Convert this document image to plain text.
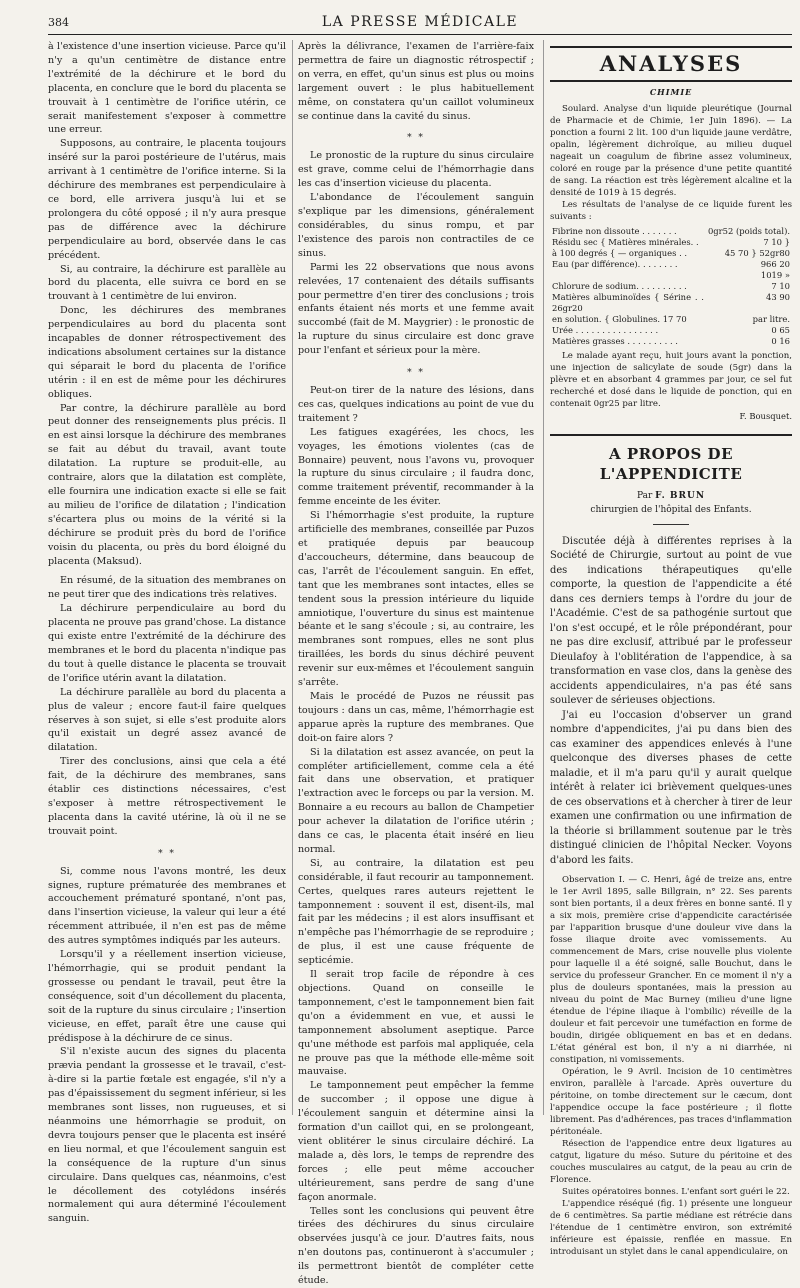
384	LA PRESSE MÉDICALE

à l'existence d'une insertion vicieuse. Parce qu'il n'y a qu'un centimètre de distance entre l'extrémité de la déchirure et le bord du placenta, en conclure que le bord du placenta se trouvait à 1 centimètre de l'orifice utérin, ce serait manifestement s'exposer à commettre une erreur.

Supposons, au contraire, le placenta toujours inséré sur la paroi postérieure de l'utérus, mais arrivant à 1 centimètre de l'orifice interne. Si la déchirure des membranes est perpendiculaire à ce bord, elle arrivera jusqu'à lui et se prolongera du côté opposé ; il n'y aura presque pas de différence avec la déchirure perpendiculaire au bord, observée dans le cas précédent.

Si, au contraire, la déchirure est parallèle au bord du placenta, elle suivra ce bord en se trouvant à 1 centimètre de lui environ.

Donc, les déchirures des membranes perpendiculaires au bord du placenta sont incapables de donner rétrospectivement des indications absolument certaines sur la distance qui séparait le bord du placenta de l'orifice utérin : il en est de même pour les déchirures obliques.

Par contre, la déchirure parallèle au bord peut donner des renseignements plus précis. Il en est ainsi lorsque la déchirure des membranes se fait au début du travail, avant toute dilatation. La rupture se produit-elle, au contraire, alors que la dilatation est complète, elle fournira une indication exacte si elle se fait au milieu de l'orifice de dilatation ; l'indication s'écartera plus ou moins de la vérité si la déchirure se produit près du bord de l'orifice voisin du placenta, ou près du bord éloigné du placenta (Maksud).

En résumé, de la situation des membranes on ne peut tirer que des indications très relatives.

La déchirure perpendiculaire au bord du placenta ne prouve pas grand'chose. La distance qui existe entre l'extrémité de la déchirure des membranes et le bord du placenta n'indique pas du tout à quelle distance le placenta se trouvait de l'orifice utérin avant la dilatation.

La déchirure parallèle au bord du placenta a plus de valeur ; encore faut-il faire quelques réserves à son sujet, si elle s'est produite alors qu'il existait un degré assez avancé de dilatation.

Tirer des conclusions, ainsi que cela a été fait, de la déchirure des membranes, sans établir ces distinctions nécessaires, c'est s'exposer à mettre rétrospectivement le placenta dans la cavité utérine, là où il ne se trouvait point.

* *

Si, comme nous l'avons montré, les deux signes, rupture prématurée des membranes et accouchement prématuré spontané, n'ont pas, dans l'insertion vicieuse, la valeur qui leur a été récemment attribuée, il n'en est pas de même des autres symptômes indiqués par les auteurs.

Lorsqu'il y a réellement insertion vicieuse, l'hémorrhagie, qui se produit pendant la grossesse ou pendant le travail, peut être la conséquence, soit d'un décollement du placenta, soit de la rupture du sinus circulaire ; l'insertion vicieuse, en effet, paraît être une cause qui prédispose à la déchirure de ce sinus.

S'il n'existe aucun des signes du placenta prævia pendant la grossesse et le travail, c'est-à-dire si la partie fœtale est engagée, s'il n'y a pas d'épaississement du segment inférieur, si les membranes sont lisses, non rugueuses, et si néanmoins une hémorrhagie se produit, on devra toujours penser que le placenta est inséré en lieu normal, et que l'écoulement sanguin est la conséquence de la rupture d'un sinus circulaire. Dans quelques cas, néanmoins, c'est le décollement des cotylédons insérés normalement qui aura déterminé l'écoulement sanguin.

Après la délivrance, l'examen de l'arrière-faix permettra de faire un diagnostic rétrospectif ; on verra, en effet, qu'un sinus est plus ou moins largement ouvert : le plus habituellement même, on constatera qu'un caillot volumineux se continue dans la cavité du sinus.

* *

Le pronostic de la rupture du sinus circulaire est grave, comme celui de l'hémorrhagie dans les cas d'insertion vicieuse du placenta.

L'abondance de l'écoulement sanguin s'explique par les dimensions, généralement considérables, du sinus rompu, et par l'existence des parois non contractiles de ce sinus.

Parmi les 22 observations que nous avons relevées, 17 contenaient des détails suffisants pour permettre d'en tirer des conclusions ; trois enfants étaient nés morts et une femme avait succombé (fait de M. Maygrier) : le pronostic de la rupture du sinus circulaire est donc grave pour l'enfant et sérieux pour la mère.

* *

Peut-on tirer de la nature des lésions, dans ces cas, quelques indications au point de vue du traitement ?

Les fatigues exagérées, les chocs, les voyages, les émotions violentes (cas de Bonnaire) peuvent, nous l'avons vu, provoquer la rupture du sinus circulaire ; il faudra donc, comme traitement préventif, recommander à la femme enceinte de les éviter.

Si l'hémorrhagie s'est produite, la rupture artificielle des membranes, conseillée par Puzos et pratiquée depuis par beaucoup d'accoucheurs, détermine, dans beaucoup de cas, l'arrêt de l'écoulement sanguin. En effet, tant que les membranes sont intactes, elles se tendent sous la pression intérieure du liquide amniotique, l'ouverture du sinus est maintenue béante et le sang s'écoule ; si, au contraire, les membranes sont rompues, elles ne sont plus tiraillées, les bords du sinus déchiré peuvent revenir sur eux-mêmes et l'écoulement sanguin s'arrête.

Mais le procédé de Puzos ne réussit pas toujours : dans un cas, même, l'hémorrhagie est apparue après la rupture des membranes. Que doit-on faire alors ?

Si la dilatation est assez avancée, on peut la compléter artificiellement, comme cela a été fait dans une observation, et pratiquer l'extraction avec le forceps ou par la version. M. Bonnaire a eu recours au ballon de Champetier pour achever la dilatation de l'orifice utérin ; dans ce cas, le placenta était inséré en lieu normal.

Si, au contraire, la dilatation est peu considérable, il faut recourir au tamponnement. Certes, quelques rares auteurs rejettent le tamponnement : souvent il est, disent-ils, mal fait par les médecins ; il est alors insuffisant et n'empêche pas l'hémorrhagie de se reproduire ; de plus, il est une cause fréquente de septicémie.

Il serait trop facile de répondre à ces objections. Quand on conseille le tamponnement, c'est le tamponnement bien fait qu'on a évidemment en vue, et aussi le tamponnement absolument aseptique. Parce qu'une méthode est parfois mal appliquée, cela ne prouve pas que la méthode elle-même soit mauvaise.

Le tamponnement peut empêcher la femme de succomber ; il oppose une digue à l'écoulement sanguin et détermine ainsi la formation d'un caillot qui, en se prolongeant, vient oblitérer le sinus circulaire déchiré. La malade a, dès lors, le temps de reprendre des forces ; elle peut même accoucher ultérieurement, sans perdre de sang d'une façon anormale.

Telles sont les conclusions qui peuvent être tirées des déchirures du sinus circulaire observées jusqu'à ce jour. D'autres faits, nous n'en doutons pas, continueront à s'accumuler ; ils permettront bientôt de compléter cette étude.

ANALYSES
CHIMIE

Soulard. Analyse d'un liquide pleurétique (Journal de Pharmacie et de Chimie, 1er Juin 1896). — La ponction a fourni 2 lit. 100 d'un liquide jaune verdâtre, opalin, légèrement dichroïque, au milieu duquel nageait un coagulum de fibrine assez volumineux, coloré en rouge par la présence d'une petite quantité de sang. La réaction est très légèrement alcaline et la densité de 1019 à 15 degrés.

Les résultats de l'analyse de ce liquide furent les suivants :

Fibrine non dissoute . . . . . . .	0gr52 (poids total).
Résidu sec { Matières minérales. .	7 10 }
à 100 degrés { — organiques . .	45 70 } 52gr80
Eau (par différence). . . . . . . .	966 20
	1019 »
Chlorure de sodium. . . . . . . . . .	7 10
Matières albuminoïdes { Sérine . . 26gr20	43 90
en solution. { Globulines. 17 70	par litre.
Urée . . . . . . . . . . . . . . . .	0 65
Matières grasses . . . . . . . . . .	0 16

Le malade ayant reçu, huit jours avant la ponction, une injection de salicylate de soude (5gr) dans la plèvre et en absorbant 4 grammes par jour, ce sel fut recherché et dosé dans le liquide de ponction, qui en contenait 0gr25 par litre.

F. Bousquet.
A PROPOS DE L'APPENDICITE
Par F. BRUN
chirurgien de l'hôpital des Enfants.

Discutée déjà à différentes reprises à la Société de Chirurgie, surtout au point de vue des indications thérapeutiques qu'elle comporte, la question de l'appendicite a été dans ces derniers temps à l'ordre du jour de l'Académie. C'est de sa pathogénie surtout que l'on s'est occupé, et le rôle prépondérant, pour ne pas dire exclusif, attribué par le professeur Dieulafoy à l'oblitération de l'appendice, à sa transformation en vase clos, dans la genèse des accidents appendiculaires, n'a pas été sans soulever de sérieuses objections.

J'ai eu l'occasion d'observer un grand nombre d'appendicites, j'ai pu dans bien des cas examiner des appendices enlevés à l'une quelconque des diverses phases de cette maladie, et il m'a paru qu'il y aurait quelque intérêt à relater ici brièvement quelques-unes de ces observations et à chercher à tirer de leur examen une confirmation ou une infirmation de la théorie si brillamment soutenue par le très distingué clinicien de l'hôpital Necker. Voyons d'abord les faits.

Observation I. — C. Henri, âgé de treize ans, entre le 1er Avril 1895, salle Billgrain, n° 22. Ses parents sont bien portants, il a deux frères en bonne santé. Il y a six mois, première crise d'appendicite caractérisée par l'apparition brusque d'une douleur vive dans la fosse iliaque droite avec vomissements. Au commencement de Mars, crise nouvelle plus violente pour laquelle il a été soigné, salle Bouchut, dans le service du professeur Grancher. En ce moment il n'y a plus de douleurs spontanées, mais la pression au niveau du point de Mac Burney (milieu d'une ligne étendue de l'épine iliaque à l'ombilic) réveille de la douleur et fait percevoir une tuméfaction en forme de boudin, dirigée obliquement en bas et en dedans. L'état général est bon, il n'y a ni diarrhée, ni constipation, ni vomissements.

Opération, le 9 Avril. Incision de 10 centimètres environ, parallèle à l'arcade. Après ouverture du péritoine, on tombe directement sur le cæcum, dont l'appendice occupe la face postérieure ; il flotte librement. Pas d'adhérences, pas traces d'inflammation péritonéale.

Résection de l'appendice entre deux ligatures au catgut, ligature du méso. Suture du péritoine et des couches musculaires au catgut, de la peau au crin de Florence.

Suites opératoires bonnes. L'enfant sort guéri le 22.

L'appendice réséqué (fig. 1) présente une longueur de 6 centimètres. Sa partie médiane est rétrécie dans l'étendue de 1 centimètre environ, son extrémité inférieure est épaissie, renflée en massue. En introduisant un stylet dans le canal appendiculaire, on
